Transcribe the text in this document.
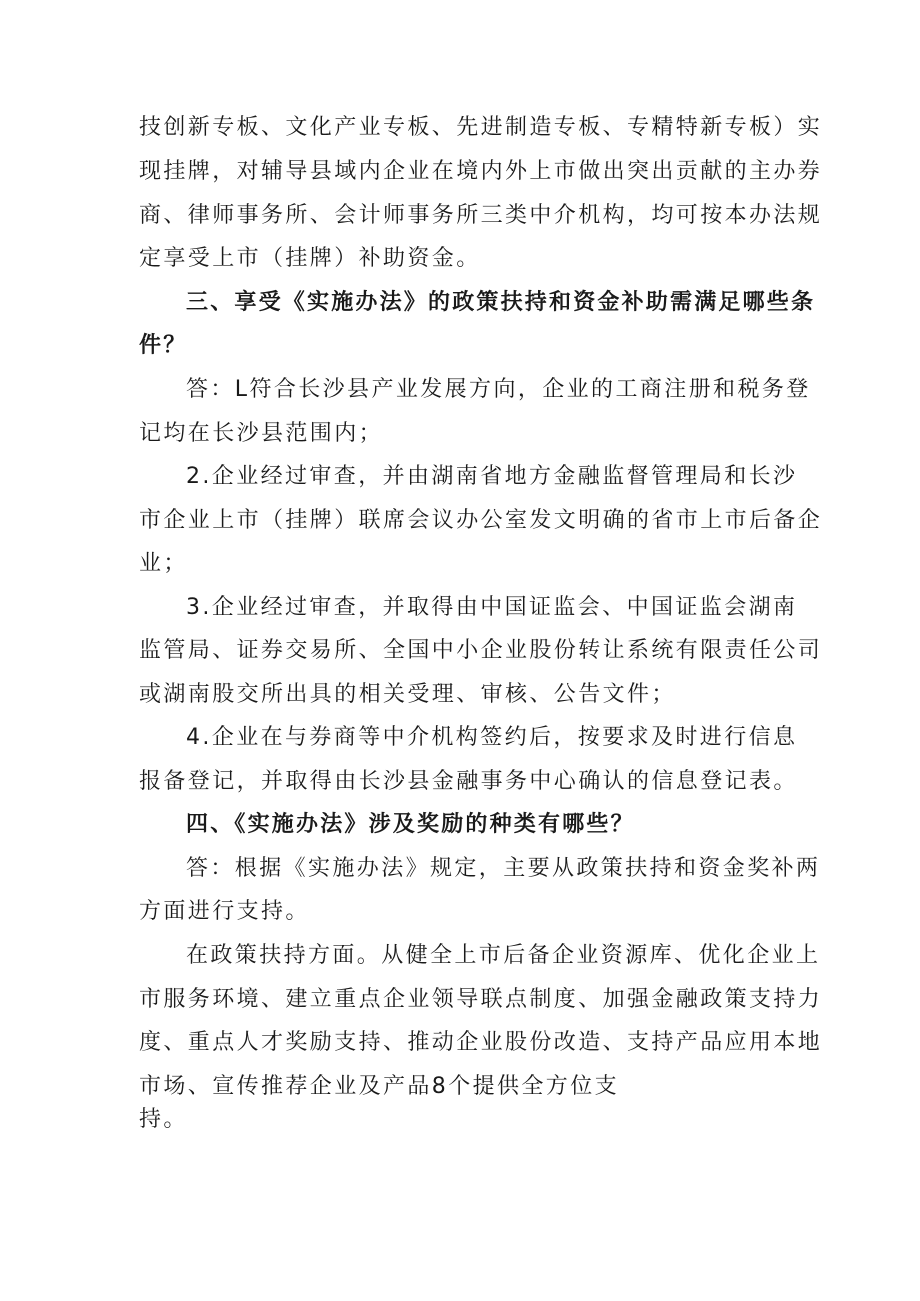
技创新专板、文化产业专板、先进制造专板、专精特新专板）实
现挂牌，对辅导县域内企业在境内外上市做出突出贡献的主办券
商、律师事务所、会计师事务所三类中介机构，均可按本办法规
定享受上市（挂牌）补助资金。
三、享受《实施办法》的政策扶持和资金补助需满足哪些条
件？
答：L符合长沙县产业发展方向，企业的工商注册和税务登
记均在长沙县范围内；
2.企业经过审查，并由湖南省地方金融监督管理局和长沙
市企业上市（挂牌）联席会议办公室发文明确的省市上市后备企
业；
3.企业经过审查，并取得由中国证监会、中国证监会湖南
监管局、证券交易所、全国中小企业股份转让系统有限责任公司
或湖南股交所出具的相关受理、审核、公告文件；
4.企业在与券商等中介机构签约后，按要求及时进行信息
报备登记，并取得由长沙县金融事务中心确认的信息登记表。
四、《实施办法》涉及奖励的种类有哪些？
答：根据《实施办法》规定，主要从政策扶持和资金奖补两
方面进行支持。
在政策扶持方面。从健全上市后备企业资源库、优化企业上
市服务环境、建立重点企业领导联点制度、加强金融政策支持力
度、重点人才奖励支持、推动企业股份改造、支持产品应用本地
市场、宣传推荐企业及产品8个提供全方位支
持。
